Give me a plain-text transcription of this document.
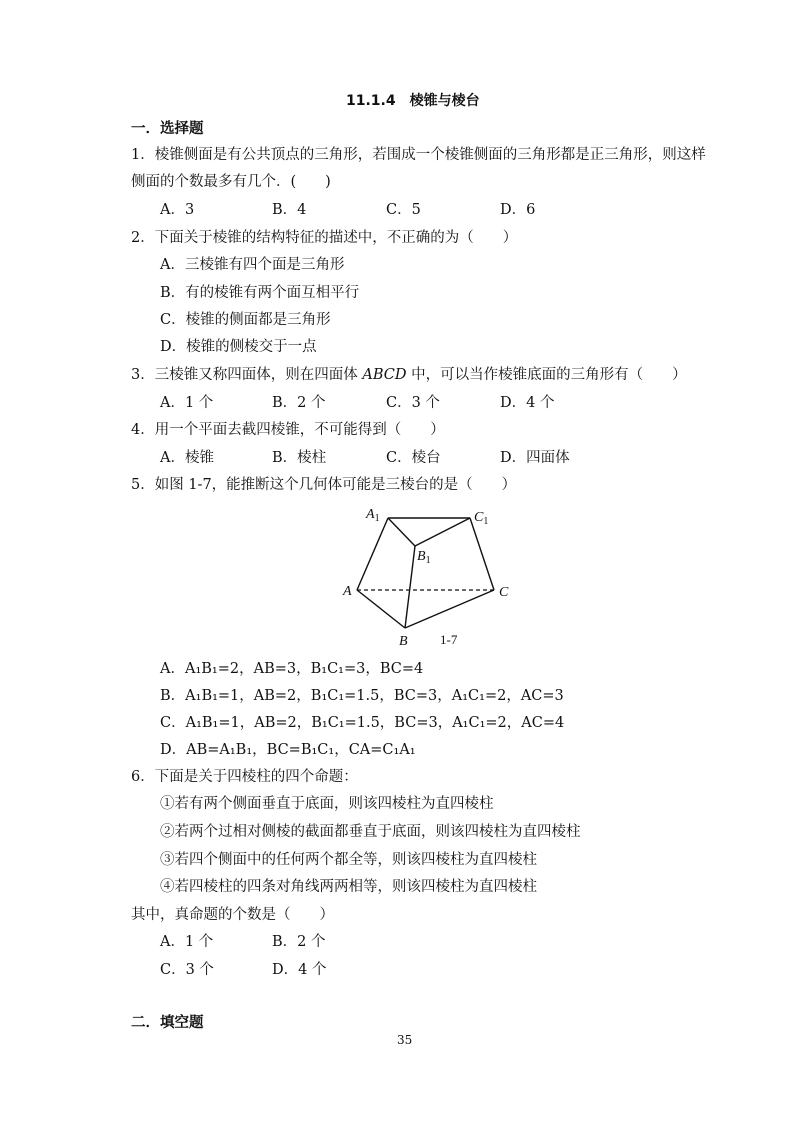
11.1.4　棱锥与棱台
一．选择题
1．棱锥侧面是有公共顶点的三角形，若围成一个棱锥侧面的三角形都是正三角形，则这样
侧面的个数最多有几个．(　　)
A．3	B．4	C．5	D．6
2．下面关于棱锥的结构特征的描述中，不正确的为（　　）
A．三棱锥有四个面是三角形
B．有的棱锥有两个面互相平行
C．棱锥的侧面都是三角形
D．棱锥的侧棱交于一点
3．三棱锥又称四面体，则在四面体 ABCD 中，可以当作棱锥底面的三角形有（　　）
A．1 个	B．2 个	C．3 个	D．4 个
4．用一个平面去截四棱锥，不可能得到（　　）
A．棱锥	B．棱柱	C．棱台	D．四面体
5．如图 1-7，能推断这个几何体可能是三棱台的是（　　）
$A_1$	$C_1$
$B_1$
A	C
B 1-7
A．A₁B₁=2，AB=3，B₁C₁=3，BC=4
B．A₁B₁=1，AB=2，B₁C₁=1.5，BC=3，A₁C₁=2，AC=3
C．A₁B₁=1，AB=2，B₁C₁=1.5，BC=3，A₁C₁=2，AC=4
D．AB=A₁B₁，BC=B₁C₁，CA=C₁A₁
6．下面是关于四棱柱的四个命题：
①若有两个侧面垂直于底面，则该四棱柱为直四棱柱
②若两个过相对侧棱的截面都垂直于底面，则该四棱柱为直四棱柱
③若四个侧面中的任何两个都全等，则该四棱柱为直四棱柱
④若四棱柱的四条对角线两两相等，则该四棱柱为直四棱柱
其中，真命题的个数是（　　）
A．1 个	B．2 个
C．3 个	D．4 个
二．填空题
35
